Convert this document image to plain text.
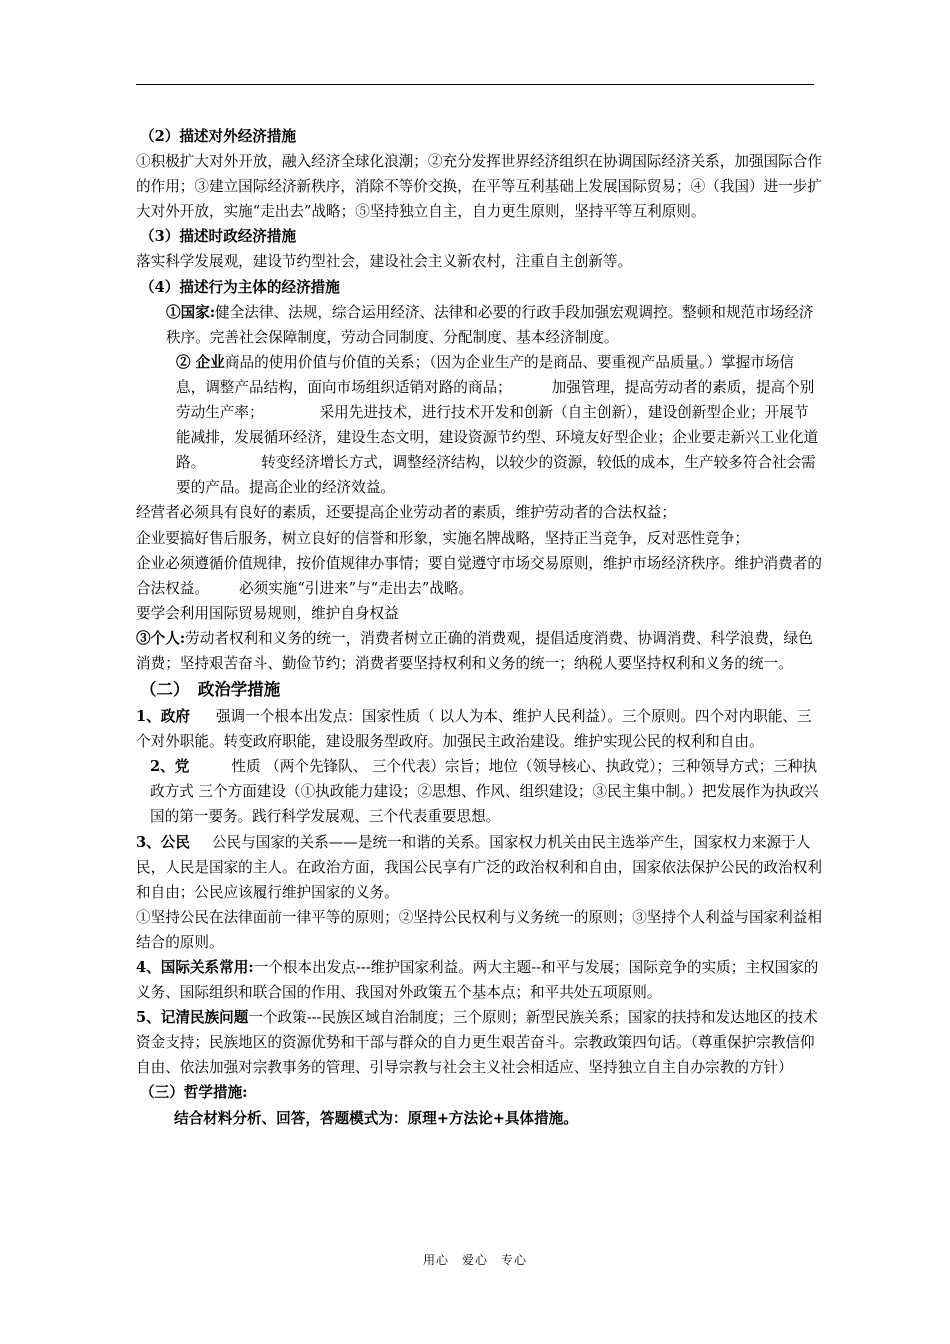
（2）描述对外经济措施

①积极扩大对外开放，融入经济全球化浪潮；②充分发挥世界经济组织在协调国际经济关系，加强国际合作的作用；③建立国际经济新秩序，消除不等价交换，在平等互利基础上发展国际贸易；④（我国）进一步扩大对外开放，实施“走出去”战略；⑤坚持独立自主，自力更生原则，坚持平等互利原则。

（3）描述时政经济措施

落实科学发展观，建设节约型社会，建设社会主义新农村，注重自主创新等。

（4）描述行为主体的经济措施

①国家:健全法律、法规，综合运用经济、法律和必要的行政手段加强宏观调控。整顿和规范市场经济秩序。完善社会保障制度，劳动合同制度、分配制度、基本经济制度。

② 企业商品的使用价值与价值的关系；（因为企业生产的是商品、要重视产品质量。）掌握市场信息，调整产品结构，面向市场组织适销对路的商品；	加强管理，提高劳动者的素质，提高个别劳动生产率；	采用先进技术，进行技术开发和创新（自主创新），建设创新型企业；开展节能减排，发展循环经济，建设生态文明，建设资源节约型、环境友好型企业；企业要走新兴工业化道路。	转变经济增长方式，调整经济结构，以较少的资源，较低的成本，生产较多符合社会需要的产品。提高企业的经济效益。

经营者必须具有良好的素质，还要提高企业劳动者的素质，维护劳动者的合法权益；

企业要搞好售后服务，树立良好的信誉和形象，实施名牌战略，坚持正当竞争，反对恶性竞争；

企业必须遵循价值规律，按价值规律办事情；要自觉遵守市场交易原则，维护市场经济秩序。维护消费者的合法权益。 必须实施“引进来”与“走出去”战略。

要学会利用国际贸易规则，维护自身权益

③个人:劳动者权利和义务的统一，消费者树立正确的消费观，提倡适度消费、协调消费、科学浪费，绿色消费；坚持艰苦奋斗、勤俭节约；消费者要坚持权利和义务的统一；纳税人要坚持权利和义务的统一。

（二）　政治学措施

1、政府 强调一个根本出发点：国家性质（ 以人为本、维护人民利益）。三个原则。四个对内职能、三个对外职能。转变政府职能，建设服务型政府。加强民主政治建设。维护实现公民的权利和自由。

2、党	性质 （两个先锋队、 三个代表）宗旨；地位（领导核心、执政党）；三种领导方式；三种执政方式 三个方面建设（①执政能力建设；②思想、作风、组织建设；③民主集中制。）把发展作为执政兴国的第一要务。践行科学发展观、三个代表重要思想。

3、公民 公民与国家的关系——是统一和谐的关系。国家权力机关由民主选举产生，国家权力来源于人民，人民是国家的主人。在政治方面，我国公民享有广泛的政治权利和自由，国家依法保护公民的政治权利和自由；公民应该履行维护国家的义务。

①坚持公民在法律面前一律平等的原则；②坚持公民权利与义务统一的原则；③坚持个人利益与国家利益相结合的原则。

4、国际关系常用:一个根本出发点---维护国家利益。两大主题--和平与发展；国际竞争的实质；主权国家的义务、国际组织和联合国的作用、我国对外政策五个基本点；和平共处五项原则。

5、记清民族问题一个政策---民族区域自治制度；三个原则；新型民族关系；国家的扶持和发达地区的技术资金支持；民族地区的资源优势和干部与群众的自力更生艰苦奋斗。宗教政策四句话。（尊重保护宗教信仰自由、依法加强对宗教事务的管理、引导宗教与社会主义社会相适应、坚持独立自主自办宗教的方针）

（三）哲学措施:

结合材料分析、回答，答题模式为：原理+方法论+具体措施。

用心　爱心　专心
